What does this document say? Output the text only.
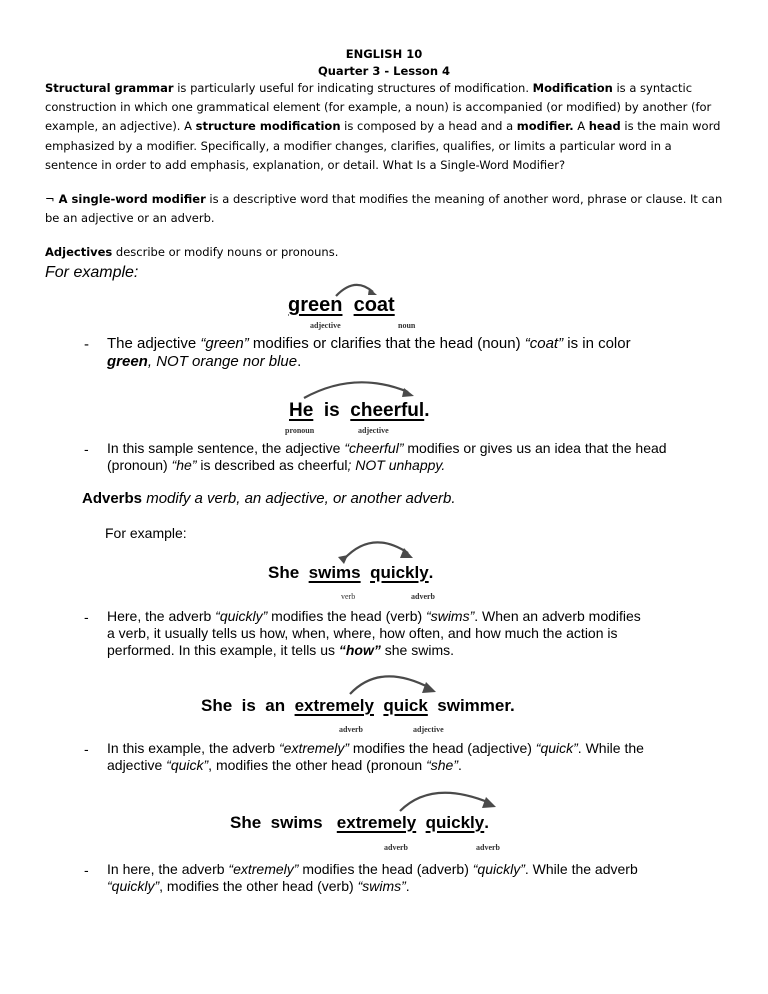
ENGLISH 10
Quarter 3 - Lesson 4
Structural grammar is particularly useful for indicating structures of modification. Modification is a syntactic construction in which one grammatical element (for example, a noun) is accompanied (or modified) by another (for example, an adjective). A structure modification is composed by a head and a modifier. A head is the main word emphasized by a modifier. Specifically, a modifier changes, clarifies, qualifies, or limits a particular word in a sentence in order to add emphasis, explanation, or detail. What Is a Single-Word Modifier?
¬ A single-word modifier is a descriptive word that modifies the meaning of another word, phrase or clause. It can be an adjective or an adverb.
Adjectives describe or modify nouns or pronouns.
For example:
green coat
adjective	noun
- The adjective “green” modifies or clarifies that the head (noun) “coat” is in color green, NOT orange nor blue.
He is cheerful.
pronoun	adjective
- In this sample sentence, the adjective “cheerful” modifies or gives us an idea that the head (pronoun) “he” is described as cheerful; NOT unhappy.
Adverbs modify a verb, an adjective, or another adverb.
For example:
She swims quickly.
verb	adverb
- Here, the adverb “quickly” modifies the head (verb) “swims”. When an adverb modifies a verb, it usually tells us how, when, where, how often, and how much the action is performed. In this example, it tells us “how” she swims.
She is an extremely quick swimmer.
adverb	adjective
- In this example, the adverb “extremely” modifies the head (adjective) “quick”. While the adjective “quick”, modifies the other head (pronoun “she”.
She swims extremely quickly.
adverb	adverb
- In here, the adverb “extremely” modifies the head (adverb) “quickly”. While the adverb “quickly”, modifies the other head (verb) “swims”.
